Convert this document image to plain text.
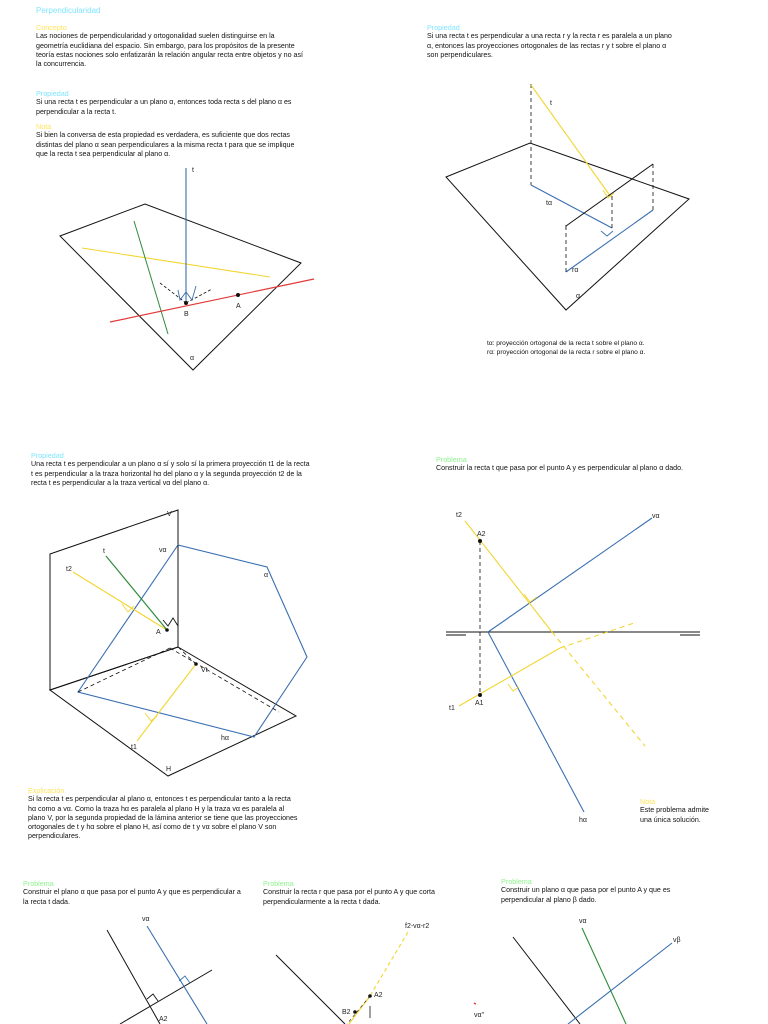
Perpendicularidad
Concepto
Las nociones de perpendicularidad y ortogonalidad suelen distinguirse en la geometría euclidiana del espacio. Sin embargo, para los propósitos de la presente teoría estas nociones solo enfatizarán la relación angular recta entre objetos y no así la concurrencia.
Propiedad
Si una recta t es perpendicular a un plano α, entonces toda recta s del plano α es perpendicular a la recta t.
Nota
Si bien la conversa de esta propiedad es verdadera, es suficiente que dos rectas distintas del plano α sean perpendiculares a la misma recta t para que se implique que la recta t sea perpendicular al plano α.
Propiedad
Si una recta t es perpendicular a una recta r y la recta r es paralela a un plano α, entonces las proyecciones ortogonales de las rectas r y t sobre el plano α son perpendiculares.
tα: proyección ortogonal de la recta t sobre el plano α.
rα: proyección ortogonal de la recta r sobre el plano α.
Propiedad
Una recta t es perpendicular a un plano α sí y solo sí la primera proyección t1 de la recta t es perpendicular a la traza horizontal hα del plano α y la segunda proyección t2 de la recta t es perpendicular a la traza vertical vα del plano α.
Explicación
Si la recta t es perpendicular al plano α, entonces t es perpendicular tanto a la recta hα como a vα. Como la traza hα es paralela al plano H y la traza vα es paralela al plano V, por la segunda propiedad de la lámina anterior se tiene que las proyecciones ortogonales de t y hα sobre el plano H, así como de t y vα sobre el plano V son perpendiculares.
Problema
Construir la recta t que pasa por el punto A y es perpendicular al plano α dado.
Nota
Este problema admite una única solución.
Problema
Construir el plano α que pasa por el punto A y que es perpendicular a la recta t dada.
Problema
Construir la recta r que pasa por el punto A y que corta perpendicularmente a la recta t dada.
Problema
Construir un plano α que pasa por el punto A y que es perpendicular al plano β dado.
t
B
A
α
t
tα
r
rα
α
V
H
vα
hα
t
t2
t1
A
Vt
α
t2
A2
vα
t1
A1
hα
vα
A2
f2-vα-r2
A2
B2
vα
vβ
vα''
